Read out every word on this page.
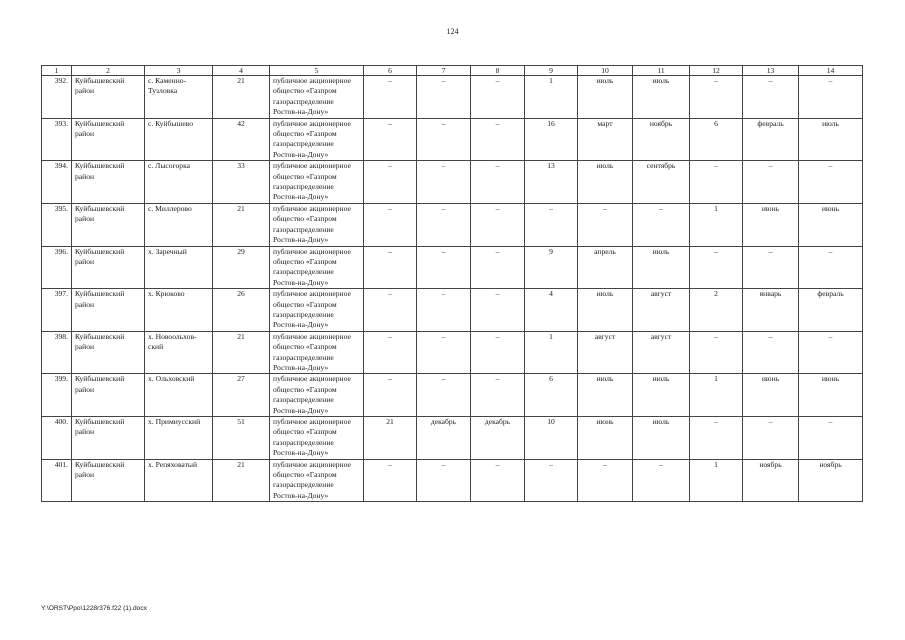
124
1	2	3	4	5	6	7	8	9	10	11	12	13	14
392.	Куйбышевский район	с. Каменно-Тузловка	21	публичное акционерное общество «Газпром газораспределение Ростов-на-Дону»	–	–	–	1	июль	июль	–	–	–
393.	Куйбышевский район	с. Куйбышево	42	публичное акционерное общество «Газпром газораспределение Ростов-на-Дону»	–	–	–	16	март	ноябрь	6	февраль	июль
394.	Куйбышевский район	с. Лысогорка	33	публичное акционерное общество «Газпром газораспределение Ростов-на-Дону»	–	–	–	13	июль	сентябрь	–	–	–
395.	Куйбышевский район	с. Миллерово	21	публичное акционерное общество «Газпром газораспределение Ростов-на-Дону»	–	–	–	–	–	–	1	июнь	июнь
396.	Куйбышевский район	х. Заречный	29	публичное акционерное общество «Газпром газораспределение Ростов-на-Дону»	–	–	–	9	апрель	июль	–	–	–
397.	Куйбышевский район	х. Крюково	26	публичное акционерное общество «Газпром газораспределение Ростов-на-Дону»	–	–	–	4	июль	август	2	январь	февраль
398.	Куйбышевский район	х. Новоольхов-ский	21	публичное акционерное общество «Газпром газораспределение Ростов-на-Дону»	–	–	–	1	август	август	–	–	–
399.	Куйбышевский район	х. Ольховский	27	публичное акционерное общество «Газпром газораспределение Ростов-на-Дону»	–	–	–	6	июль	июль	1	июнь	июнь
400.	Куйбышевский район	х. Примиусский	51	публичное акционерное общество «Газпром газораспределение Ростов-на-Дону»	21	декабрь	декабрь	10	июнь	июль	–	–	–
401.	Куйбышевский район	х. Репяховатый	21	публичное акционерное общество «Газпром газораспределение Ростов-на-Дону»	–	–	–	–	–	–	1	ноябрь	ноябрь
Y:\ORST\Ppo\1228r376.f22 (1).docx
